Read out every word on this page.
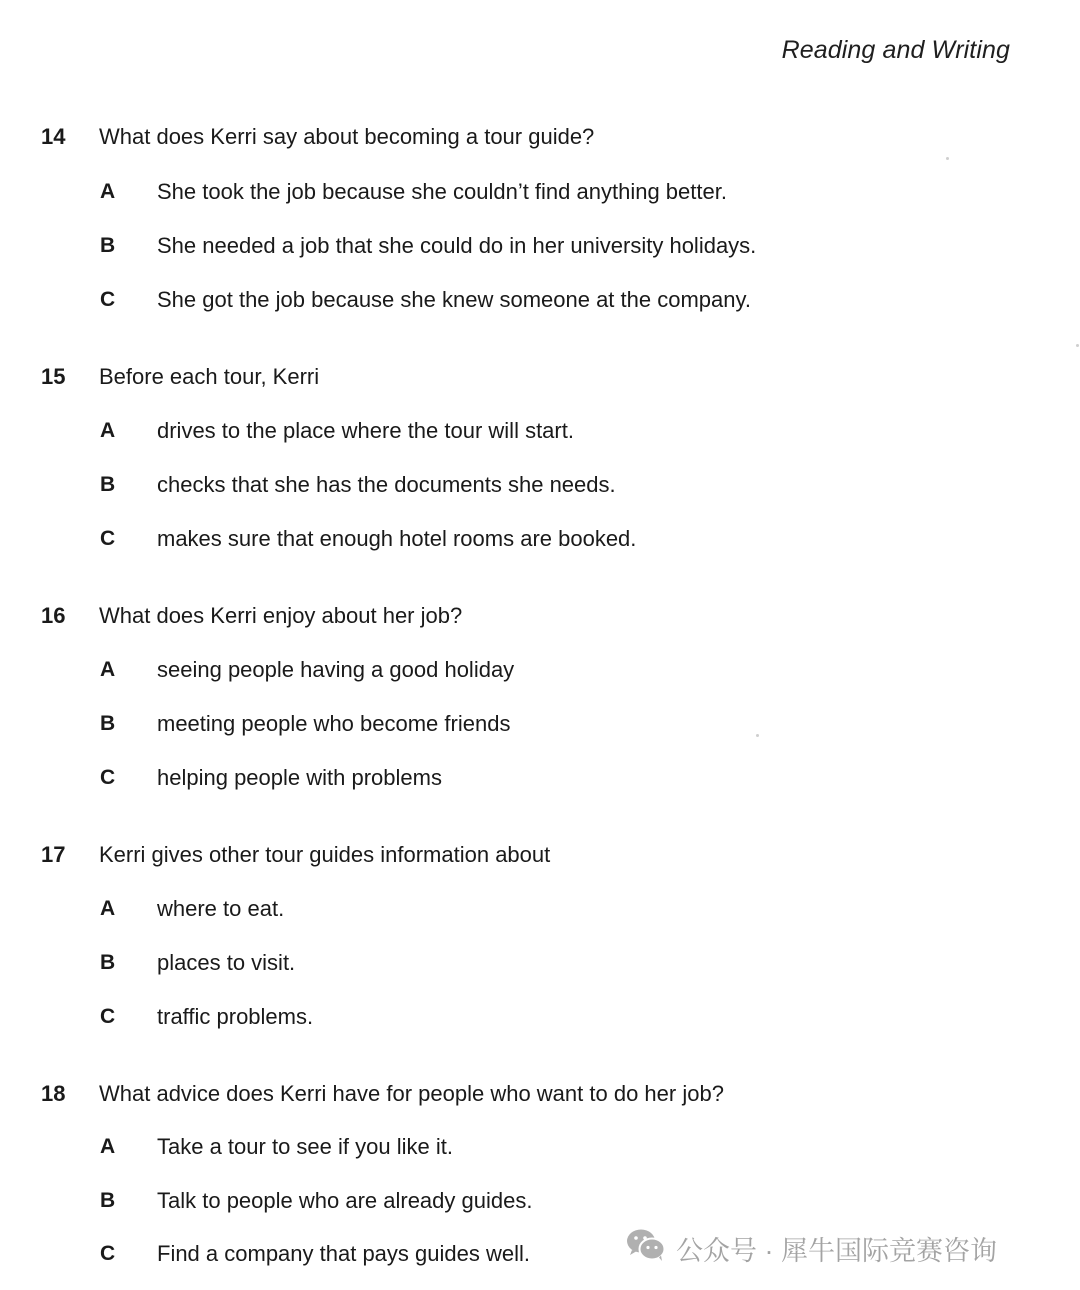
Reading and Writing
14 What does Kerri say about becoming a tour guide?
A She took the job because she couldn’t find anything better.
B She needed a job that she could do in her university holidays.
C She got the job because she knew someone at the company.
15 Before each tour, Kerri
A drives to the place where the tour will start.
B checks that she has the documents she needs.
C makes sure that enough hotel rooms are booked.
16 What does Kerri enjoy about her job?
A seeing people having a good holiday
B meeting people who become friends
C helping people with problems
17 Kerri gives other tour guides information about
A where to eat.
B places to visit.
C traffic problems.
18 What advice does Kerri have for people who want to do her job?
A Take a tour to see if you like it.
B Talk to people who are already guides.
C Find a company that pays guides well.	公众号 · 犀牛国际竞赛咨询
